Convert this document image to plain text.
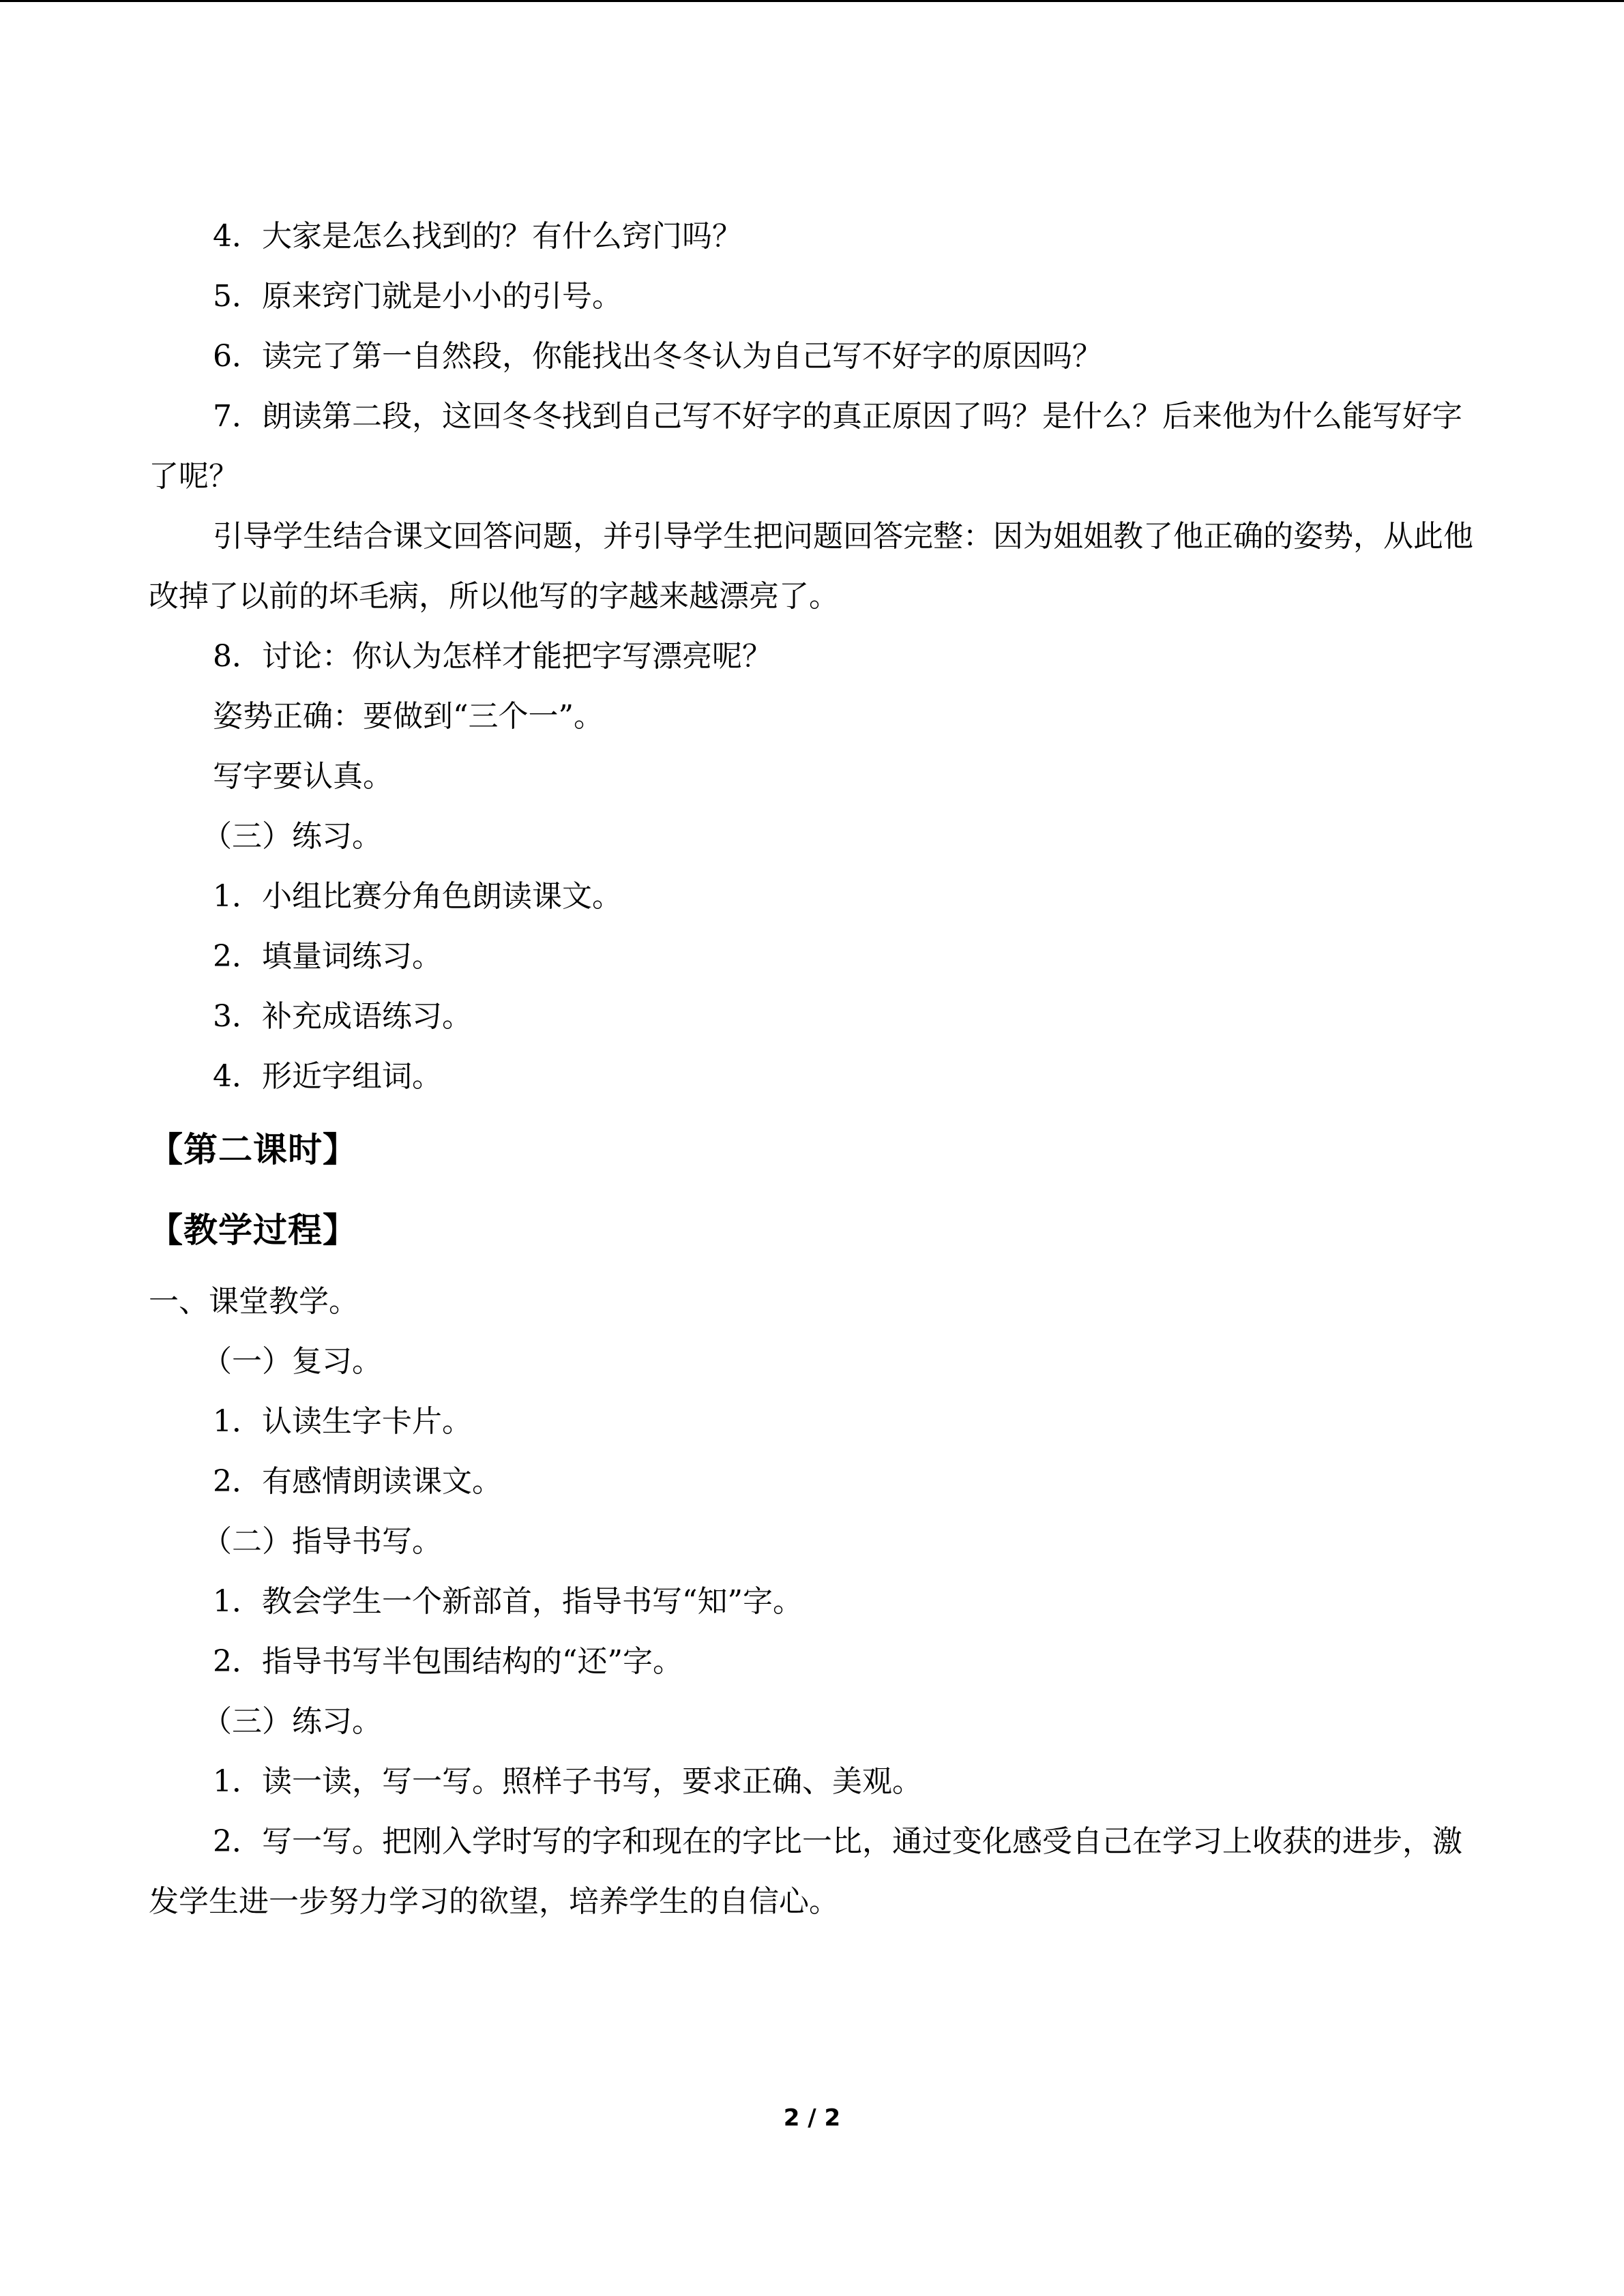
4．大家是怎么找到的？有什么窍门吗？

5．原来窍门就是小小的引号。

6．读完了第一自然段，你能找出冬冬认为自己写不好字的原因吗？

7．朗读第二段，这回冬冬找到自己写不好字的真正原因了吗？是什么？后来他为什么能写好字了呢？

引导学生结合课文回答问题，并引导学生把问题回答完整：因为姐姐教了他正确的姿势，从此他改掉了以前的坏毛病，所以他写的字越来越漂亮了。

8．讨论：你认为怎样才能把字写漂亮呢？

姿势正确：要做到“三个一”。

写字要认真。

（三）练习。

1．小组比赛分角色朗读课文。

2．填量词练习。

3．补充成语练习。

4．形近字组词。

【第二课时】
【教学过程】

一、课堂教学。

（一）复习。

1．认读生字卡片。

2．有感情朗读课文。

（二）指导书写。

1．教会学生一个新部首，指导书写“知”字。

2．指导书写半包围结构的“还”字。

（三）练习。

1．读一读，写一写。照样子书写，要求正确、美观。

2．写一写。把刚入学时写的字和现在的字比一比，通过变化感受自己在学习上收获的进步，激发学生进一步努力学习的欲望，培养学生的自信心。

2 / 2
